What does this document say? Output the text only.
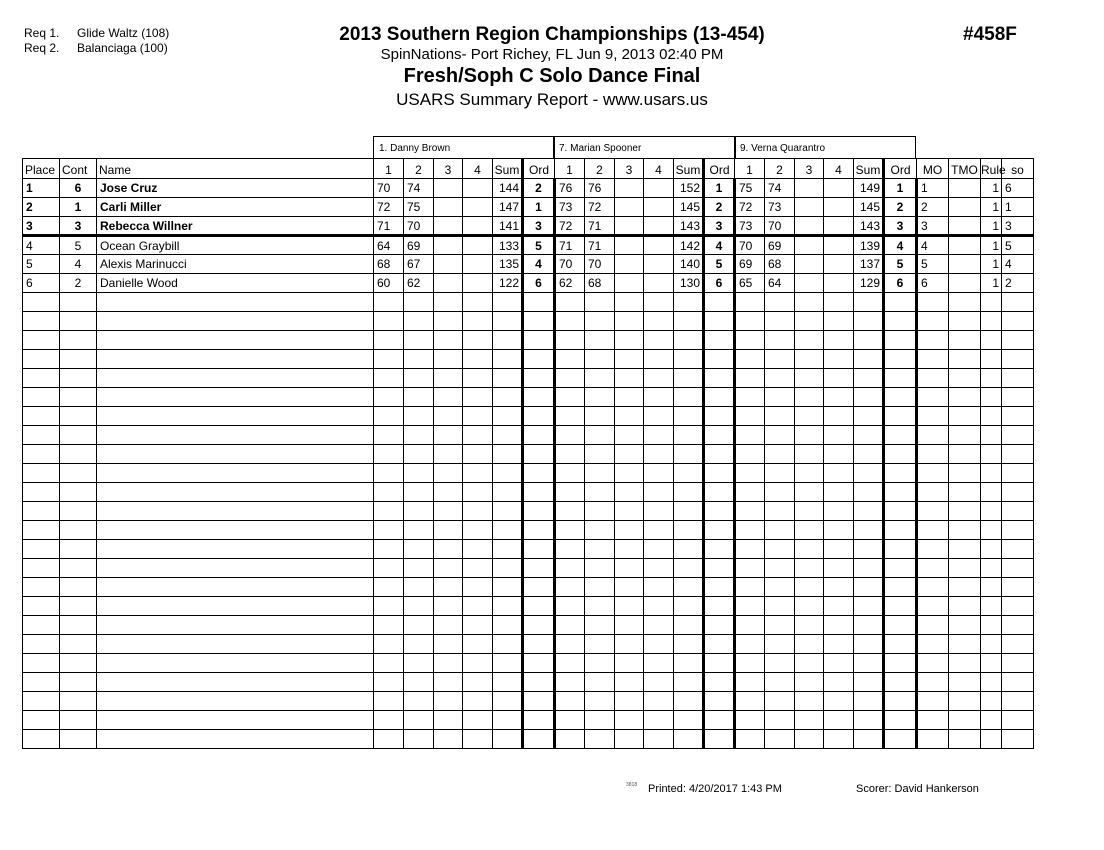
Req 1. Glide Waltz (108)
Req 2. Balanciaga (100)
2013 Southern Region Championships (13-454)
SpinNations- Port Richey, FL Jun 9, 2013 02:40 PM
Fresh/Soph C Solo Dance Final
USARS Summary Report - www.usars.us
#458F
1. Danny Brown	7. Marian Spooner	9. Verna Quarantro
Place	Cont	Name	1	2	3	4	Sum	Ord	1	2	3	4	Sum	Ord	1	2	3	4	Sum	Ord	MO	TMO	Rule	so
1	6	Jose Cruz	70	74			144	2	76	76			152	1	75	74			149	1	1		1	6
2	1	Carli Miller	72	75			147	1	73	72			145	2	72	73			145	2	2		1	1
3	3	Rebecca Willner	71	70			141	3	72	71			143	3	73	70			143	3	3		1	3
4	5	Ocean Graybill	64	69			133	5	71	71			142	4	70	69			139	4	4		1	5
5	4	Alexis Marinucci	68	67			135	4	70	70			140	5	69	68			137	5	5		1	4
6	2	Danielle Wood	60	62			122	6	62	68			130	6	65	64			129	6	6		1	2

3818 Printed: 4/20/2017 1:43 PM	Scorer: David Hankerson
